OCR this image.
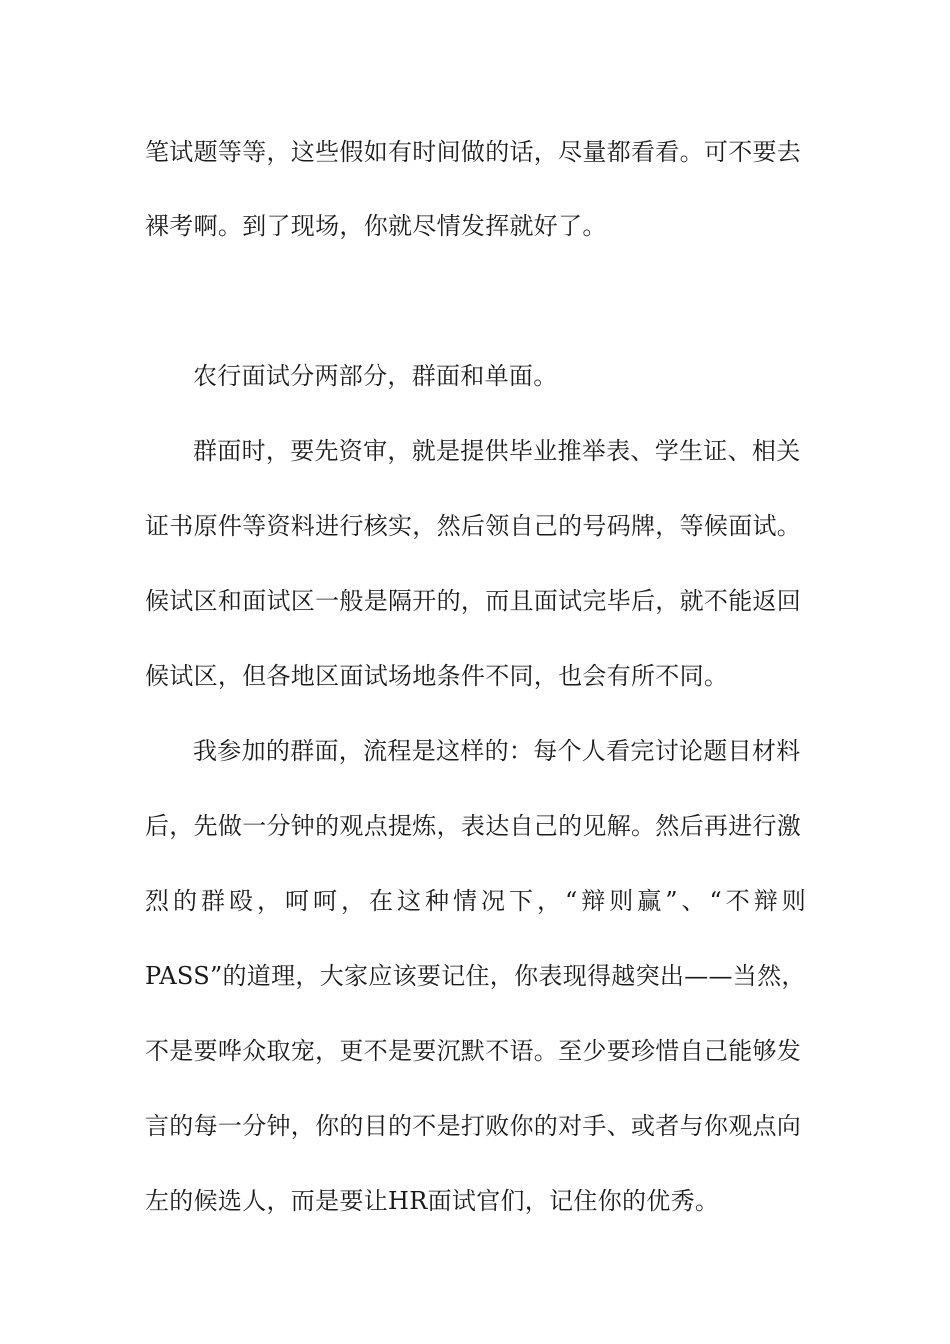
笔试题等等，这些假如有时间做的话，尽量都看看。可不要去
裸考啊。到了现场，你就尽情发挥就好了。
农行面试分两部分，群面和单面。
群面时，要先资审，就是提供毕业推举表、学生证、相关
证书原件等资料进行核实，然后领自己的号码牌，等候面试。
候试区和面试区一般是隔开的，而且面试完毕后，就不能返回
候试区，但各地区面试场地条件不同，也会有所不同。
我参加的群面，流程是这样的：每个人看完讨论题目材料
后，先做一分钟的观点提炼，表达自己的见解。然后再进行激
烈的群殴，呵呵，在这种情况下，“辩则赢”、“不辩则
PASS”的道理，大家应该要记住，你表现得越突出——当然，
不是要哗众取宠，更不是要沉默不语。至少要珍惜自己能够发
言的每一分钟，你的目的不是打败你的对手、或者与你观点向
左的候选人，而是要让HR面试官们，记住你的优秀。
